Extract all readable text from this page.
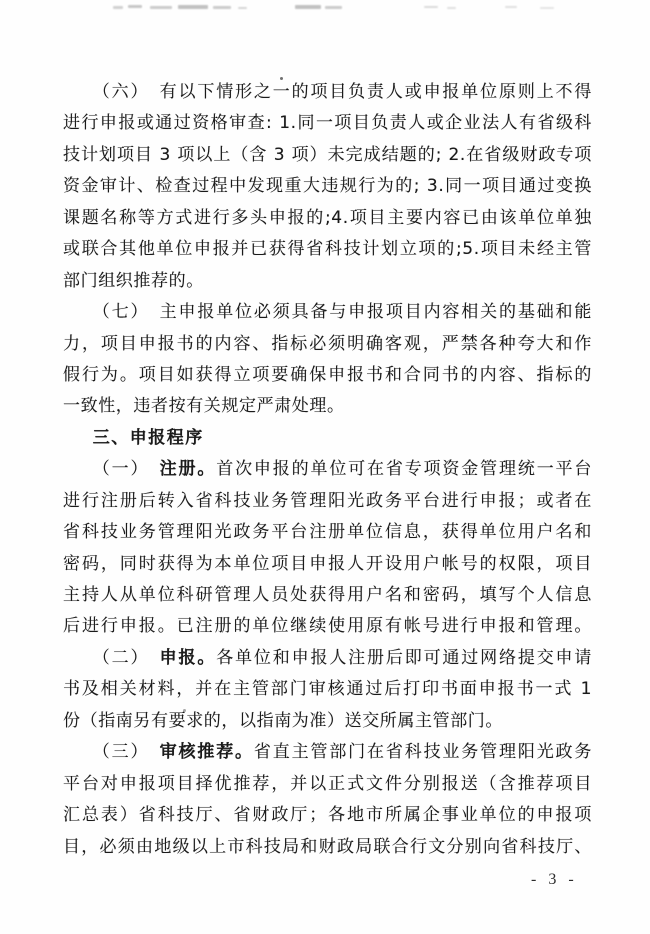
（六）　有以下情形之一的项目负责人或申报单位原则上不得
进行申报或通过资格审查: 1.同一项目负责人或企业法人有省级科
技计划项目 3 项以上（含 3 项）未完成结题的; 2.在省级财政专项
资金审计、检查过程中发现重大违规行为的; 3.同一项目通过变换
课题名称等方式进行多头申报的;4.项目主要内容已由该单位单独
或联合其他单位申报并已获得省科技计划立项的;5.项目未经主管
部门组织推荐的。
（七）　主申报单位必须具备与申报项目内容相关的基础和能
力，项目申报书的内容、指标必须明确客观，严禁各种夸大和作
假行为。项目如获得立项要确保申报书和合同书的内容、指标的
一致性，违者按有关规定严肃处理。
三、申报程序
（一）　注册。首次申报的单位可在省专项资金管理统一平台
进行注册后转入省科技业务管理阳光政务平台进行申报；或者在
省科技业务管理阳光政务平台注册单位信息，获得单位用户名和
密码，同时获得为本单位项目申报人开设用户帐号的权限，项目
主持人从单位科研管理人员处获得用户名和密码，填写个人信息
后进行申报。已注册的单位继续使用原有帐号进行申报和管理。
（二）　申报。各单位和申报人注册后即可通过网络提交申请
书及相关材料，并在主管部门审核通过后打印书面申报书一式 1
份（指南另有要求的，以指南为准）送交所属主管部门。
（三）　审核推荐。省直主管部门在省科技业务管理阳光政务
平台对申报项目择优推荐，并以正式文件分别报送（含推荐项目
汇总表）省科技厅、省财政厅；各地市所属企事业单位的申报项
目，必须由地级以上市科技局和财政局联合行文分别向省科技厅、
- 3 -
